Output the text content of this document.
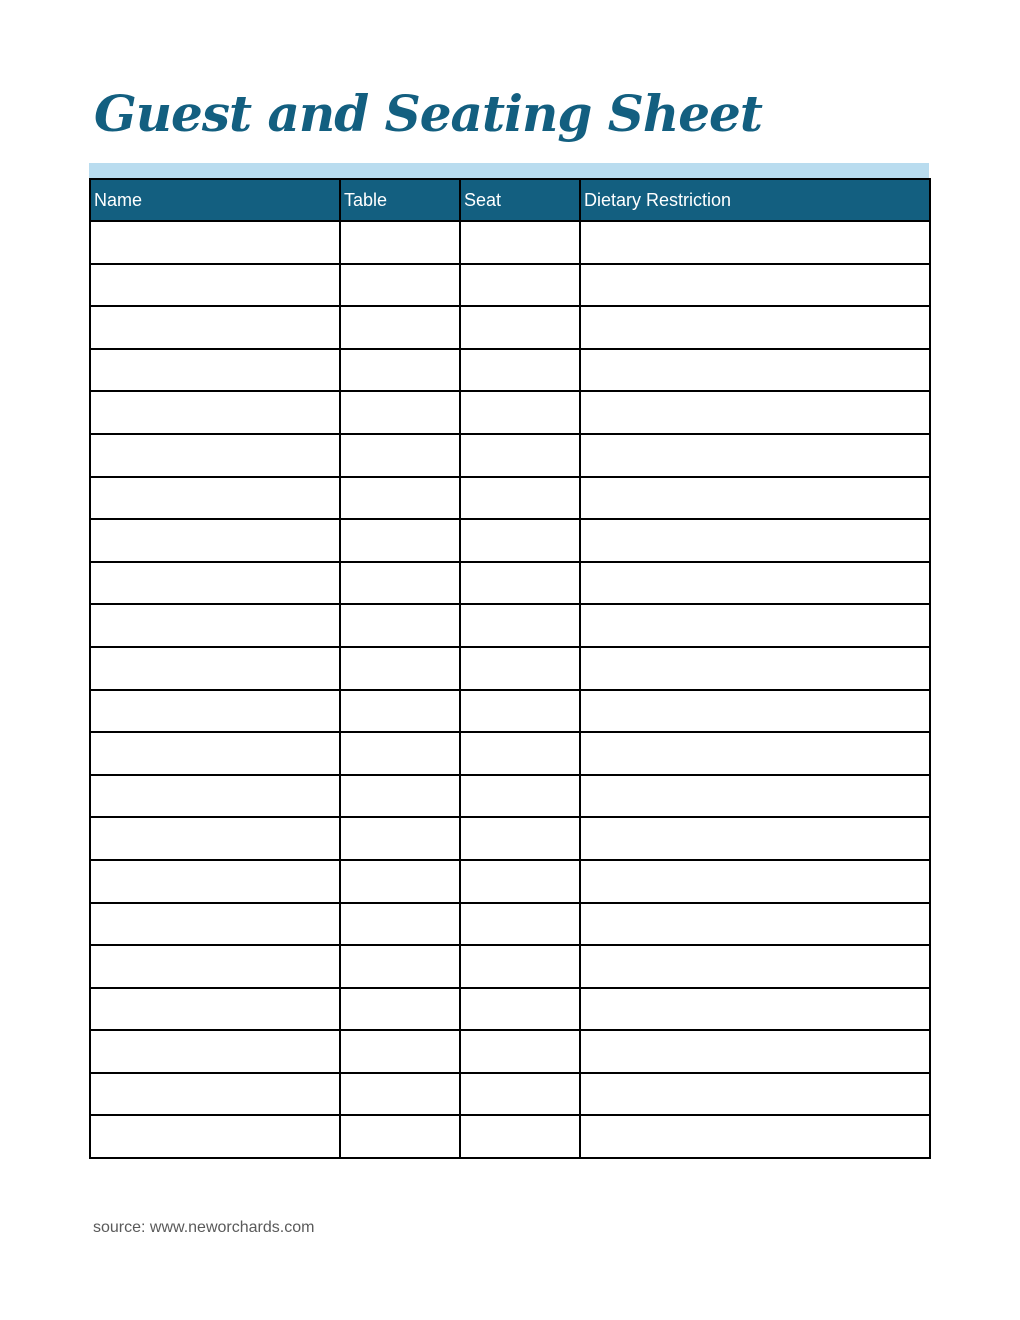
Guest and Seating Sheet
Name	Table	Seat	Dietary Restriction

source: www.neworchards.com
